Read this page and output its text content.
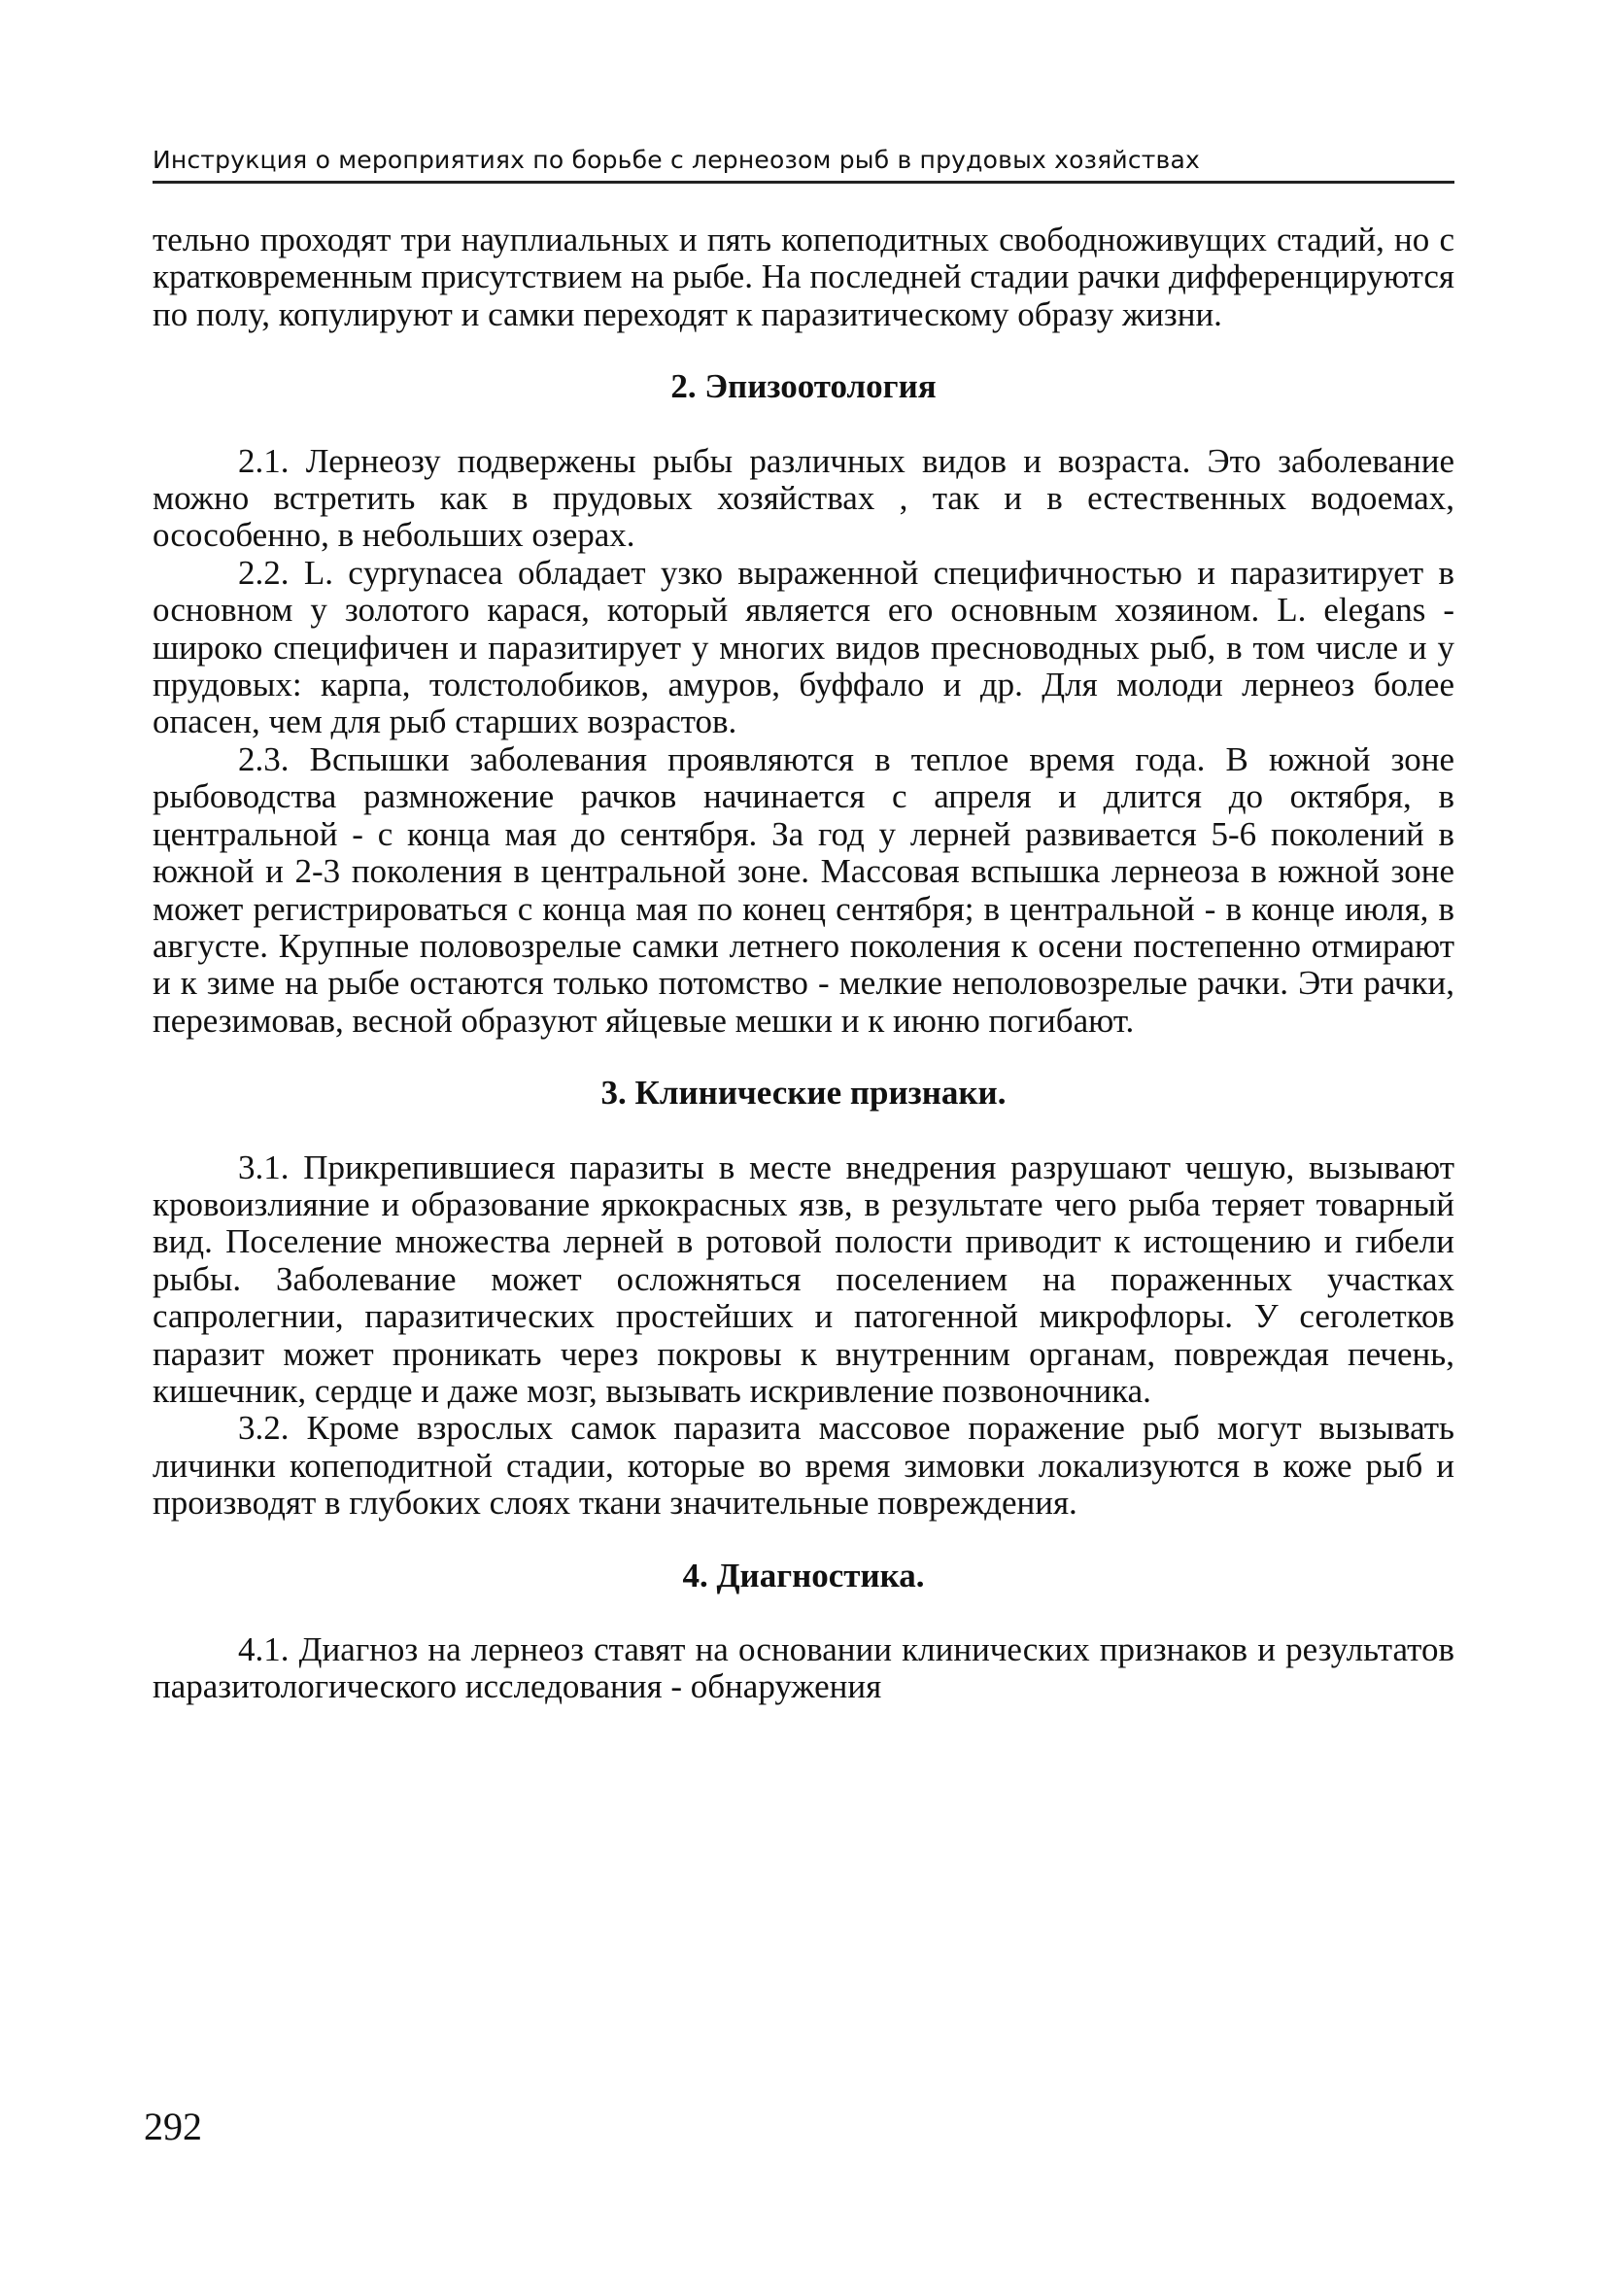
Инструкция о мероприятиях по борьбе с лернеозом рыб в прудовых хозяйствах

тельно проходят три науплиальных и пять копеподитных свободноживущих стадий, но с кратковременным присутствием на рыбе. На последней стадии рачки дифференцируются по полу, копулируют и самки переходят к паразитическому образу жизни.

2. Эпизоотология

2.1. Лернеозу подвержены рыбы различных видов и возраста. Это заболевание можно встретить как в прудовых хозяйствах , так и в естественных водоемах, осособенно, в небольших озерах.

2.2. L. cyprynacea обладает узко выраженной специфичностью и паразитирует в основном у золотого карася, который является его основным хозяином. L. elegans - широко специфичен и паразитирует у многих видов пресноводных рыб, в том числе и у прудовых: карпа, толстолобиков, амуров, буффало и др. Для молоди лернеоз более опасен, чем для рыб старших возрастов.

2.3. Вспышки заболевания проявляются в теплое время года. В южной зоне рыбоводства размножение рачков начинается с апреля и длится до октября, в центральной - с конца мая до сентября. За год у лерней развивается 5-6 поколений в южной и 2-3 поколения в центральной зоне. Массовая вспышка лернеоза в южной зоне может регистрироваться с конца мая по конец сентября; в центральной - в конце июля, в августе. Крупные половозрелые самки летнего поколения к осени постепенно отмирают и к зиме на рыбе остаются только потомство - мелкие неполовозрелые рачки. Эти рачки, перезимовав, весной образуют яйцевые мешки и к июню погибают.

3. Клинические признаки.

3.1. Прикрепившиеся паразиты в месте внедрения разрушают чешую, вызывают кровоизлияние и образование яркокрасных язв, в результате чего рыба теряет товарный вид. Поселение множества лерней в ротовой полости приводит к истощению и гибели рыбы. Заболевание может осложняться поселением на пораженных участках сапролегнии, паразитических простейших и патогенной микрофлоры. У сеголетков паразит может проникать через покровы к внутренним органам, повреждая печень, кишечник, сердце и даже мозг, вызывать искривление позвоночника.

3.2. Кроме взрослых самок паразита массовое поражение рыб могут вызывать личинки копеподитной стадии, которые во время зимовки локализуются в коже рыб и производят в глубоких слоях ткани значительные повреждения.

4. Диагностика.

4.1. Диагноз на лернеоз ставят на основании клинических признаков и результатов паразитологического исследования - обнаружения

292
